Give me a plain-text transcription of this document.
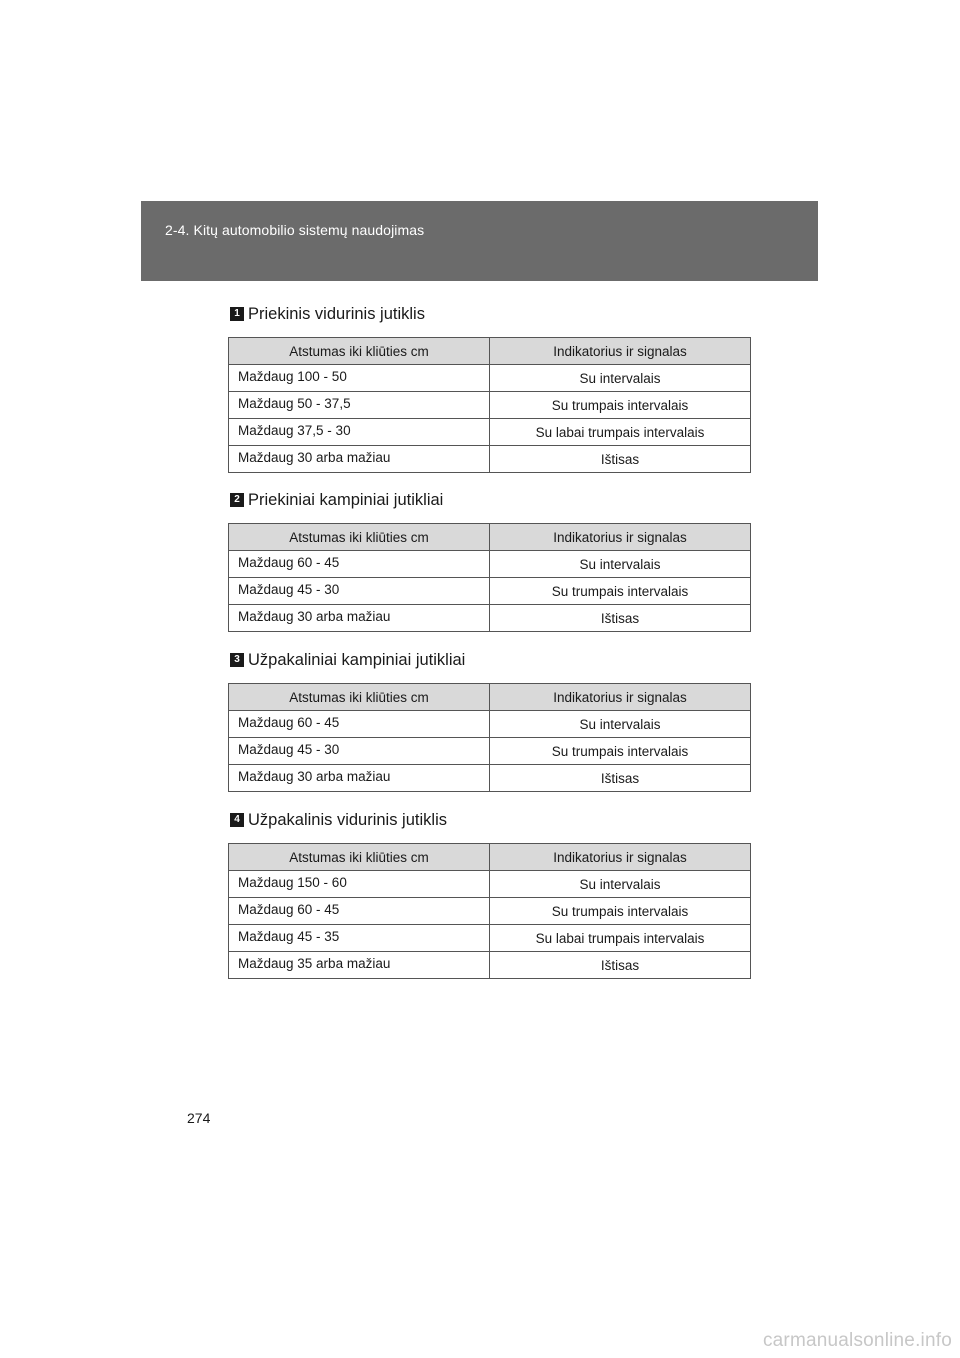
2-4. Kitų automobilio sistemų naudojimas
1 Priekinis vidurinis jutiklis
Atstumas iki kliūties cm	Indikatorius ir signalas
Maždaug 100 - 50	Su intervalais
Maždaug 50 - 37,5	Su trumpais intervalais
Maždaug 37,5 - 30	Su labai trumpais intervalais
Maždaug 30 arba mažiau	Ištisas
2 Priekiniai kampiniai jutikliai
Atstumas iki kliūties cm	Indikatorius ir signalas
Maždaug 60 - 45	Su intervalais
Maždaug 45 - 30	Su trumpais intervalais
Maždaug 30 arba mažiau	Ištisas
3 Užpakaliniai kampiniai jutikliai
Atstumas iki kliūties cm	Indikatorius ir signalas
Maždaug 60 - 45	Su intervalais
Maždaug 45 - 30	Su trumpais intervalais
Maždaug 30 arba mažiau	Ištisas
4 Užpakalinis vidurinis jutiklis
Atstumas iki kliūties cm	Indikatorius ir signalas
Maždaug 150 - 60	Su intervalais
Maždaug 60 - 45	Su trumpais intervalais
Maždaug 45 - 35	Su labai trumpais intervalais
Maždaug 35 arba mažiau	Ištisas
274
carmanualsonline.info
